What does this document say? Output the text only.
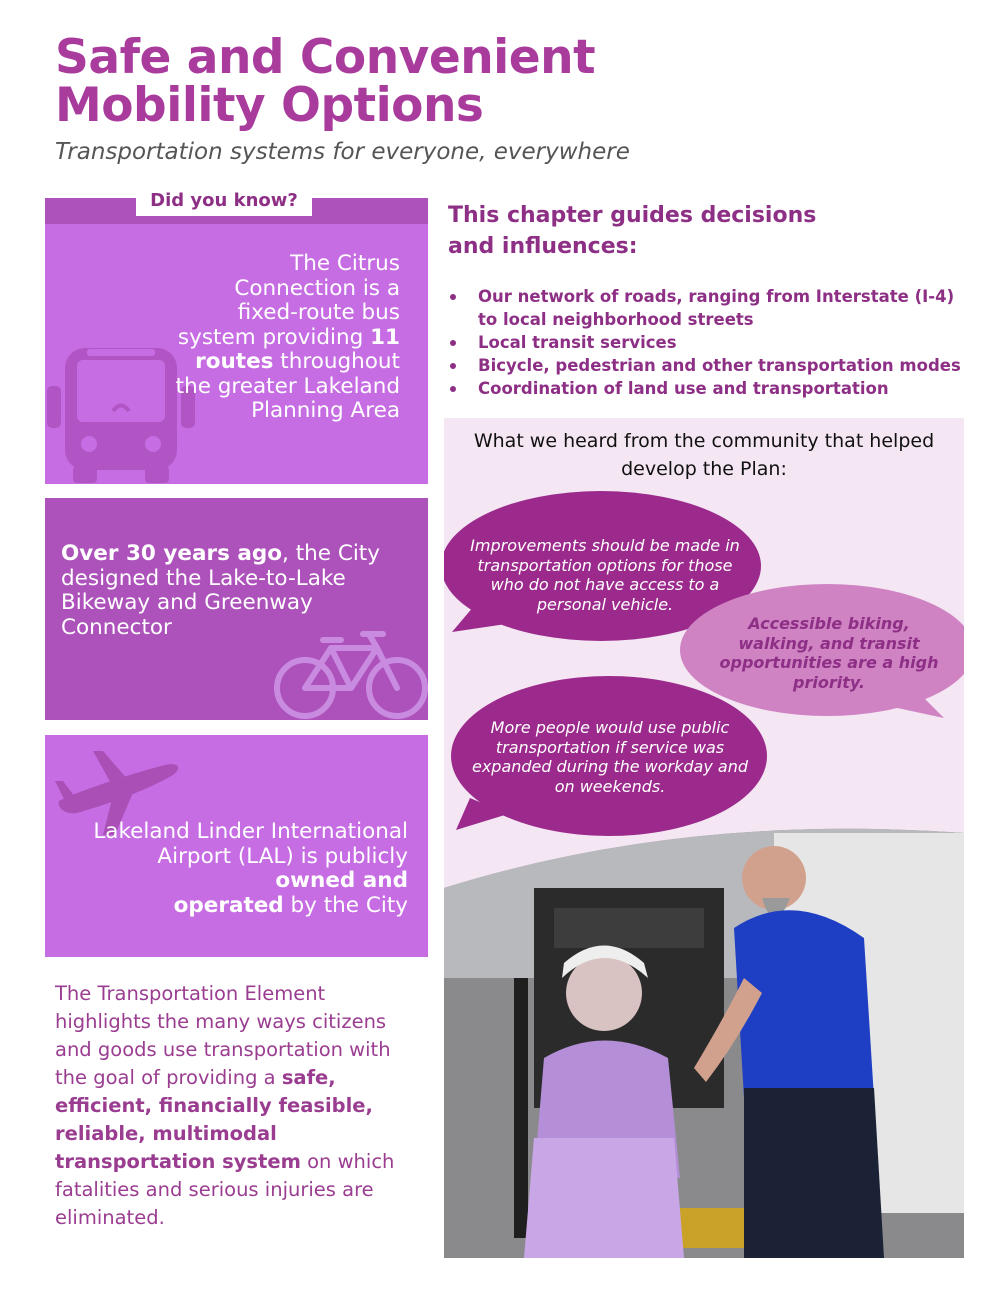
Safe and Convenient
Mobility Options
Transportation systems for everyone, everywhere
Did you know?
The Citrus Connection is a fixed-route bus system providing 11 routes throughout the greater Lakeland Planning Area
Over 30 years ago, the City designed the Lake-to-Lake Bikeway and Greenway Connector
Lakeland Linder International Airport (LAL) is publicly owned and
operated by the City
The Transportation Element highlights the many ways citizens and goods use transportation with the goal of providing a safe, efficient, financially feasible, reliable, multimodal transportation system on which fatalities and serious injuries are eliminated.
This chapter guides decisions and influences:
Our network of roads, ranging from Interstate (I-4) to local neighborhood streets
Local transit services
Bicycle, pedestrian and other transportation modes
Coordination of land use and transportation
What we heard from the community that helped develop the Plan:
Improvements should be made in transportation options for those who do not have access to a personal vehicle.
Accessible biking, walking, and transit opportunities are a high priority.
More people would use public transportation if service was expanded during the workday and on weekends.
